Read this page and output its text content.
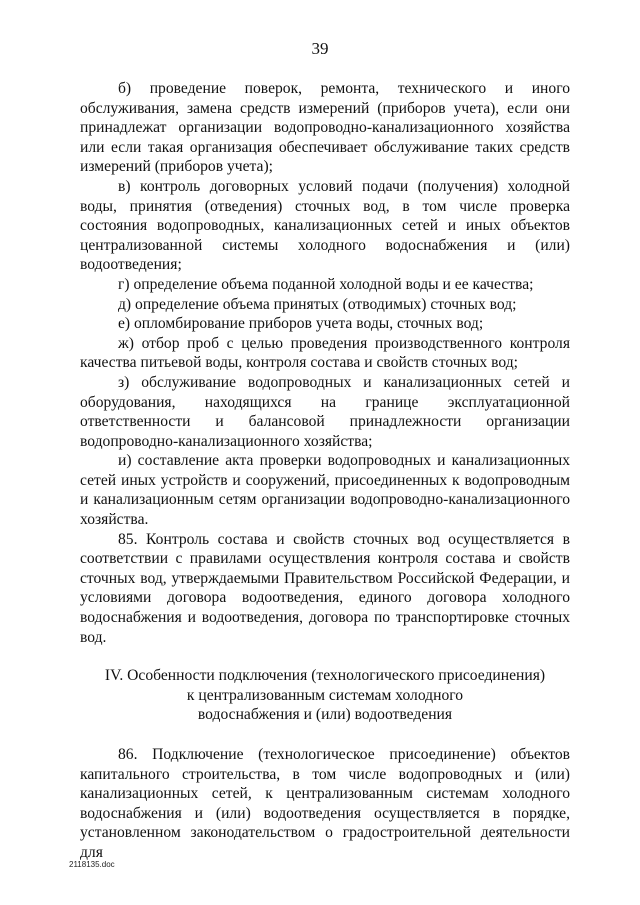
39

б) проведение поверок, ремонта, технического и иного обслуживания, замена средств измерений (приборов учета), если они принадлежат организации водопроводно-канализационного хозяйства или если такая организация обеспечивает обслуживание таких средств измерений (приборов учета);

в) контроль договорных условий подачи (получения) холодной воды, принятия (отведения) сточных вод, в том числе проверка состояния водопроводных, канализационных сетей и иных объектов централизованной системы холодного водоснабжения и (или) водоотведения;

г) определение объема поданной холодной воды и ее качества;

д) определение объема принятых (отводимых) сточных вод;

е) опломбирование приборов учета воды, сточных вод;

ж) отбор проб с целью проведения производственного контроля качества питьевой воды, контроля состава и свойств сточных вод;

з) обслуживание водопроводных и канализационных сетей и оборудования, находящихся на границе эксплуатационной ответственности и балансовой принадлежности организации водопроводно-канализационного хозяйства;

и) составление акта проверки водопроводных и канализационных сетей иных устройств и сооружений, присоединенных к водопроводным и канализационным сетям организации водопроводно-канализационного хозяйства.

85. Контроль состава и свойств сточных вод осуществляется в соответствии с правилами осуществления контроля состава и свойств сточных вод, утверждаемыми Правительством Российской Федерации, и условиями договора водоотведения, единого договора холодного водоснабжения и водоотведения, договора по транспортировке сточных вод.

IV. Особенности подключения (технологического присоединения)
к централизованным системам холодного
водоснабжения и (или) водоотведения

86. Подключение (технологическое присоединение) объектов капитального строительства, в том числе водопроводных и (или) канализационных сетей, к централизованным системам холодного водоснабжения и (или) водоотведения осуществляется в порядке, установленном законодательством о градостроительной деятельности для

2118135.doc
